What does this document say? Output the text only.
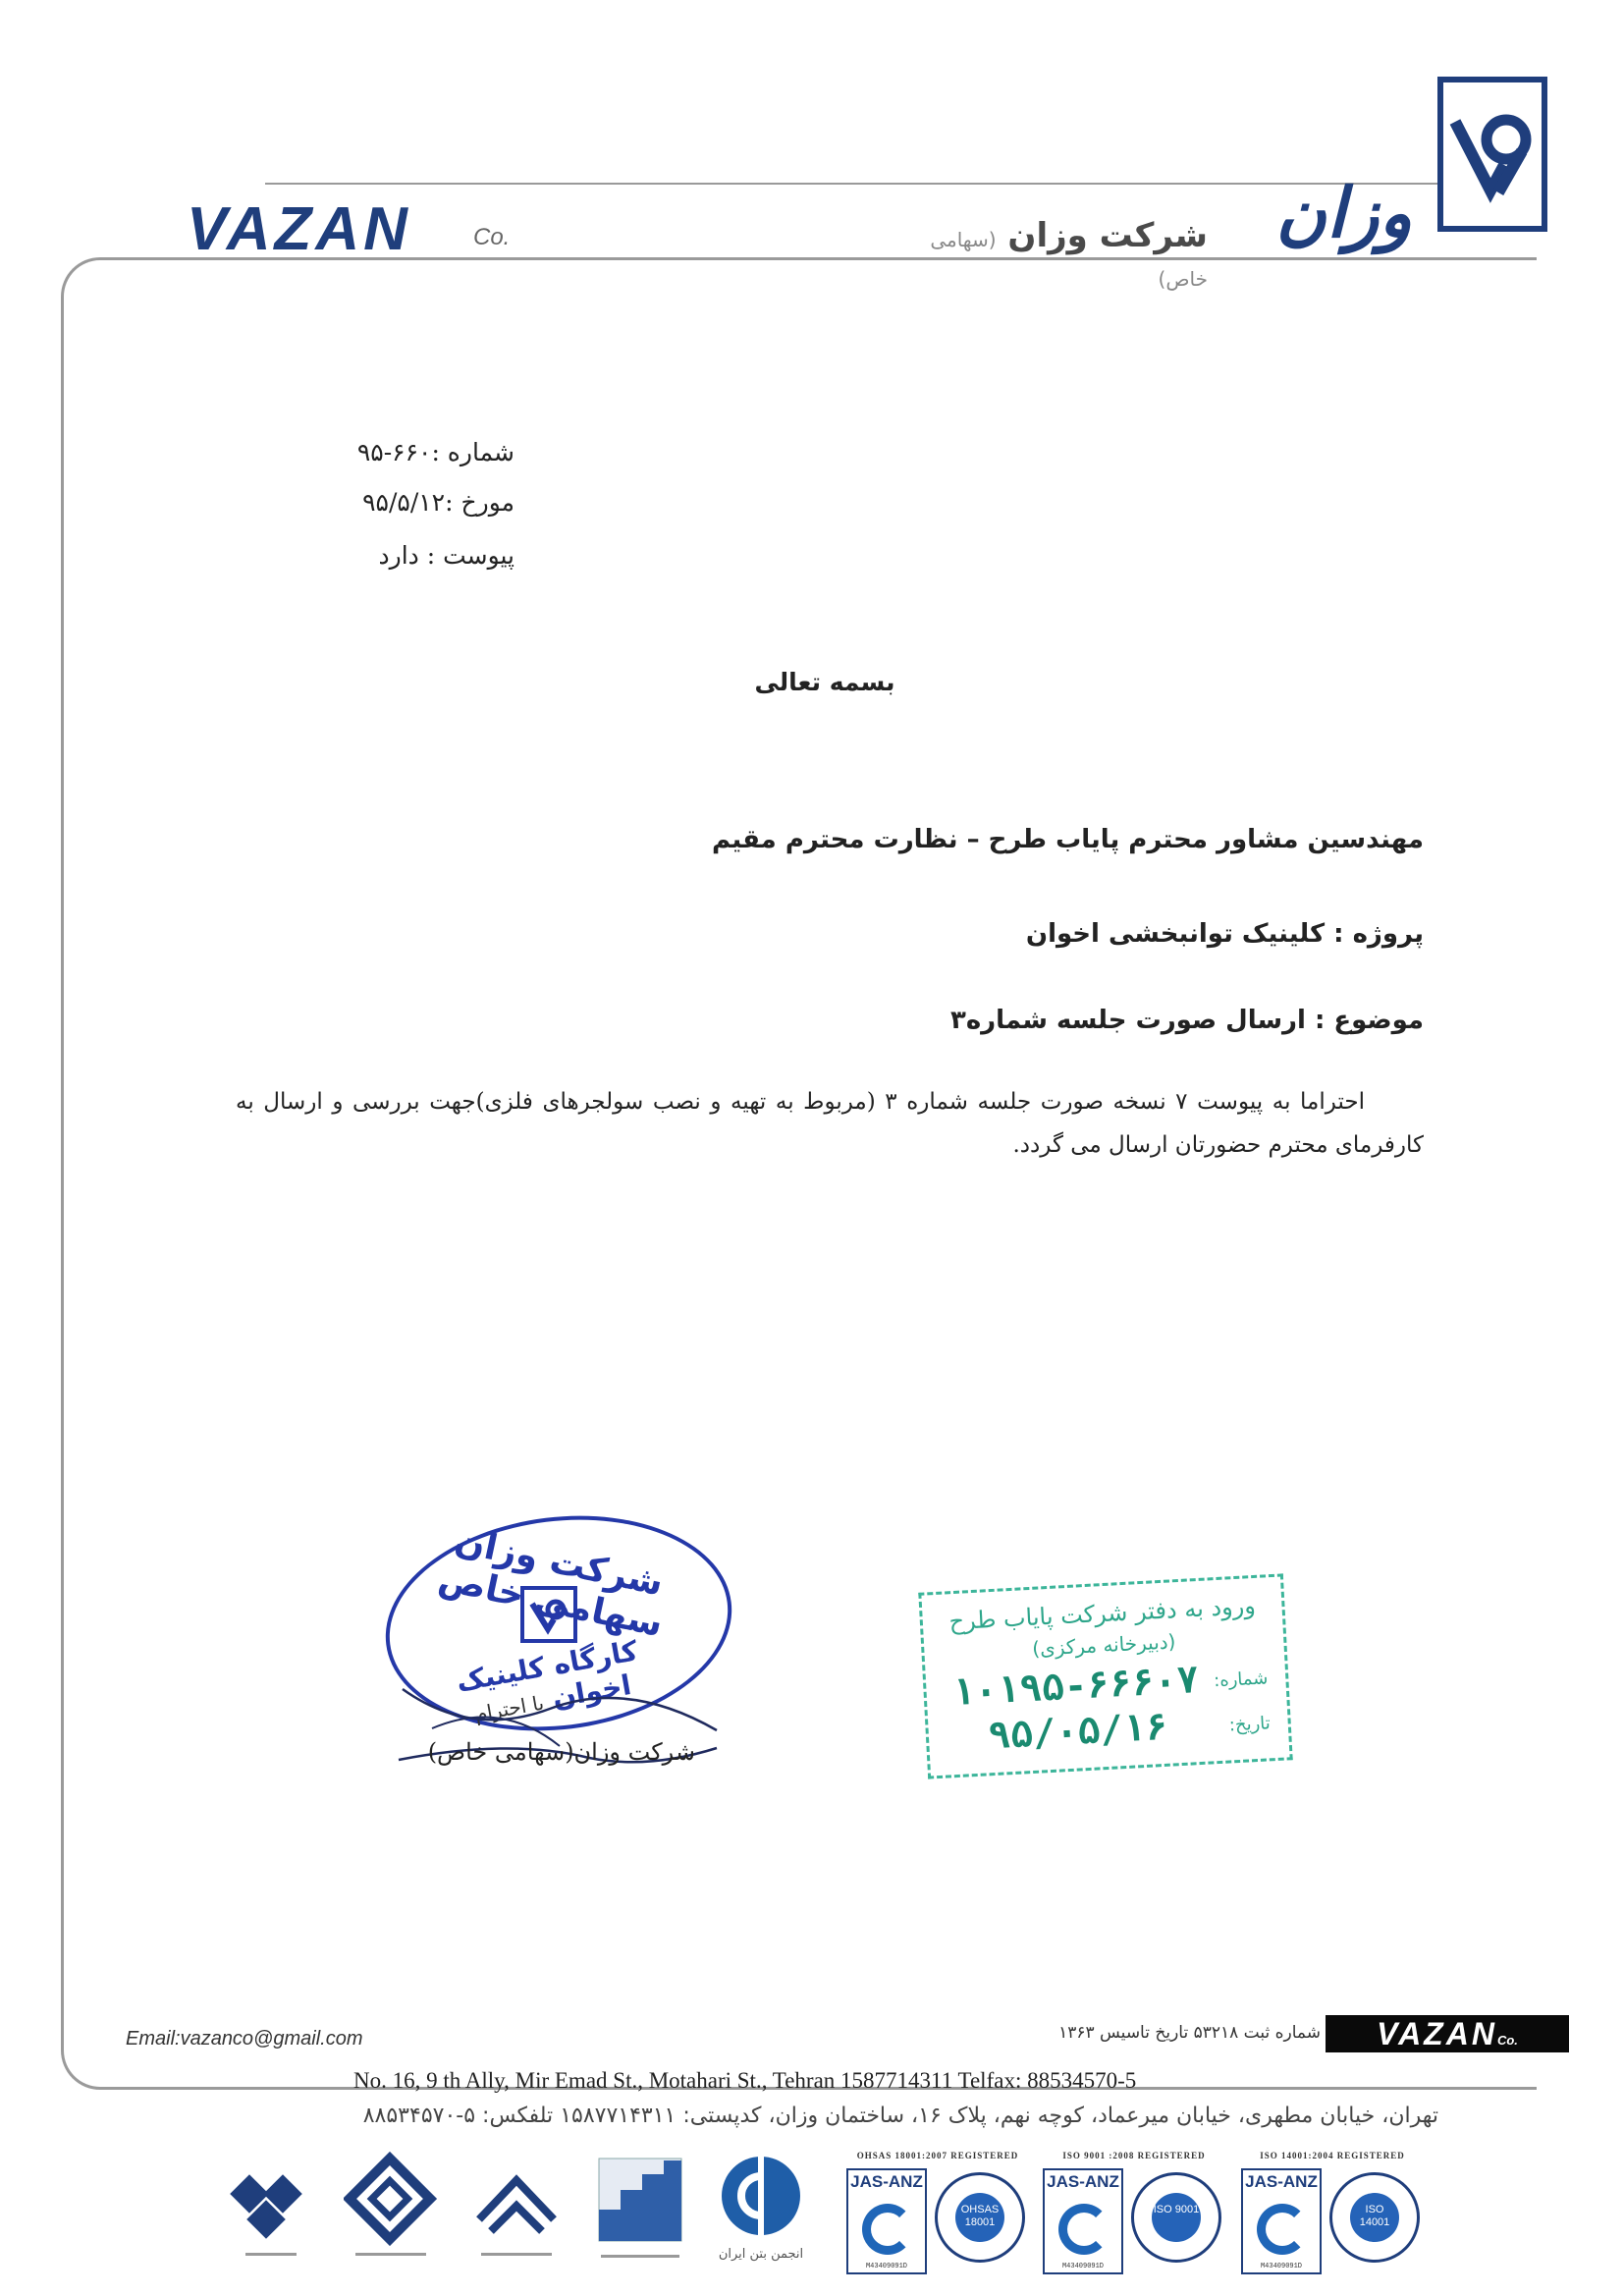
VAZAN	Co.	وزان
شرکت وزان (سهامی خاص)
شماره :۶۶۰-۹۵
مورخ :۹۵/۵/۱۲
پیوست : دارد
بسمه تعالی
مهندسین مشاور محترم پایاب طرح – نظارت محترم مقیم
پروژه : کلینیک توانبخشی اخوان
موضوع : ارسال صورت جلسه شماره۳
احتراما به پیوست ۷ نسخه صورت جلسه شماره ۳ (مربوط به تهیه و نصب سولجرهای فلزی)جهت بررسی و ارسال به کارفرمای محترم حضورتان ارسال می گردد.
شرکت وزان سهامی خاص
کارگاه کلینیک اخوان با احترام
شرکت وزان(سهامی خاص)
ورود به دفتر شرکت پایاب طرح
(دبیرخانه مرکزی)
شماره:
۱۰۱۹۵-۶۶۶۰۷
تاریخ:
۹۵/۰۵/۱۶
Email:vazanco@gmail.com	شماره ثبت ۵۳۲۱۸ تاریخ تاسیس ۱۳۶۳	VAZANCo.
No. 16, 9 th Ally, Mir Emad St., Motahari St., Tehran 1587714311 Telfax: 88534570-5
تهران، خیابان مطهری، خیابان میرعماد، کوچه نهم، پلاک ۱۶، ساختمان وزان، کدپستی: ۱۵۸۷۷۱۴۳۱۱ تلفکس: ۵-۸۸۵۳۴۵۷۰
انجمن بتن ایران
OHSAS 18001:2007 REGISTERED
JAS-ANZ
M43409091D
OHSAS 18001
ISO 9001 :2008 REGISTERED
JAS-ANZ
M43409091D
ISO 9001
ISO 14001:2004 REGISTERED
JAS-ANZ
M43409091D
ISO 14001
